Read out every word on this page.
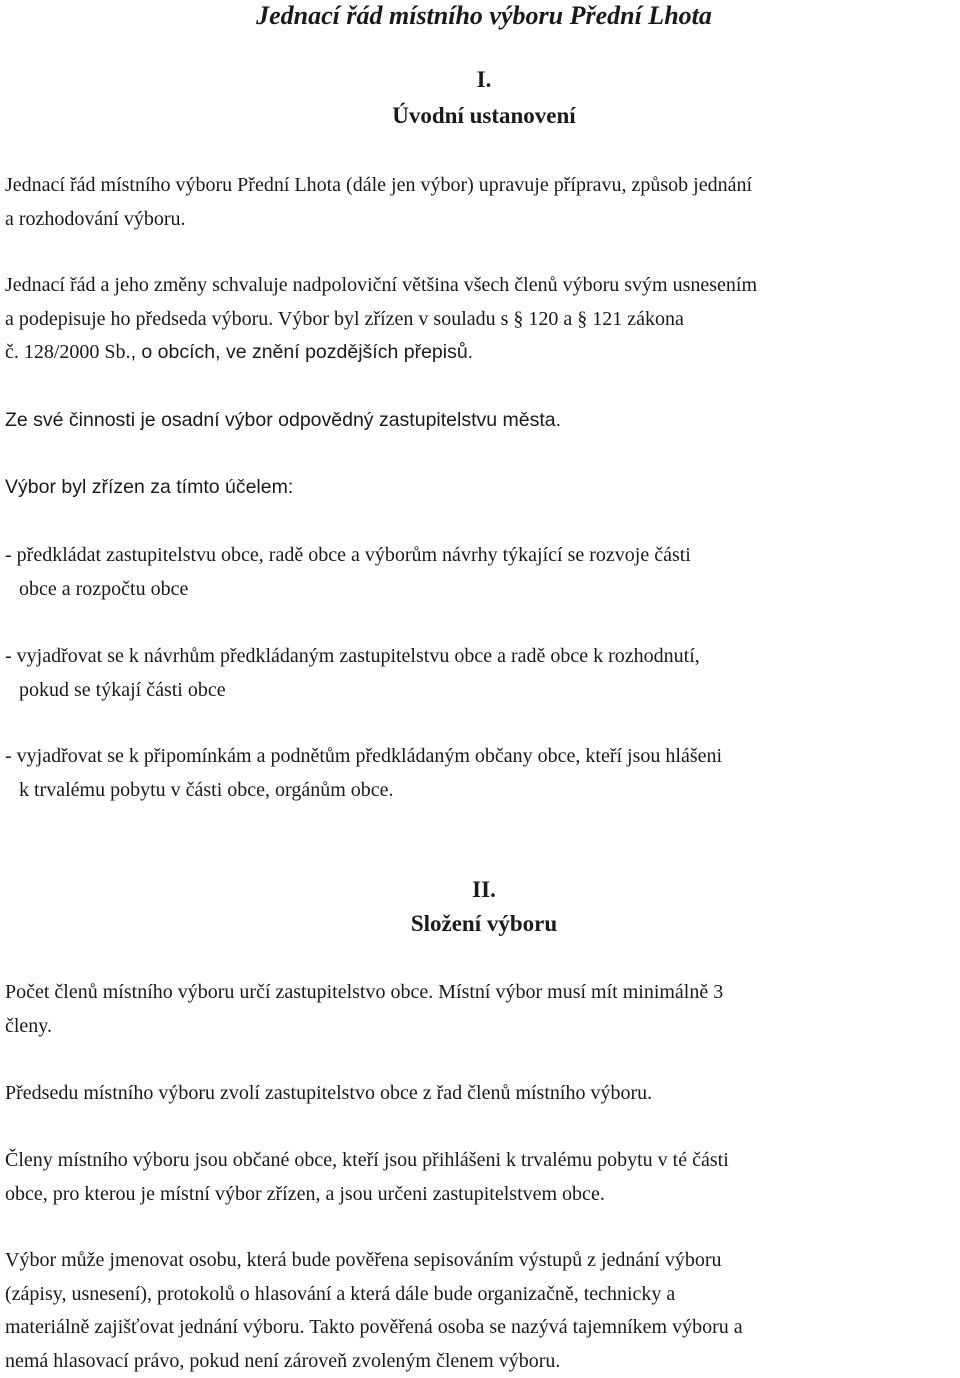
Jednací řád místního výboru Přední Lhota
I.
Úvodní ustanovení

Jednací řád místního výboru Přední Lhota (dále jen výbor) upravuje přípravu, způsob jednání
a rozhodování výboru.

Jednací řád a jeho změny schvaluje nadpoloviční většina všech členů výboru svým usnesením
a podepisuje ho předseda výboru. Výbor byl zřízen v souladu s § 120 a § 121 zákona
č. 128/2000 Sb., o obcích, ve znění pozdějších přepisů.

Ze své činnosti je osadní výbor odpovědný zastupitelstvu města.

Výbor byl zřízen za tímto účelem:

- předkládat zastupitelstvu obce, radě obce a výborům návrhy týkající se rozvoje části
obce a rozpočtu obce

- vyjadřovat se k návrhům předkládaným zastupitelstvu obce a radě obce k rozhodnutí,
pokud se týkají části obce

- vyjadřovat se k připomínkám a podnětům předkládaným občany obce, kteří jsou hlášeni
k trvalému pobytu v části obce, orgánům obce.

II.
Složení výboru

Počet členů místního výboru určí zastupitelstvo obce. Místní výbor musí mít minimálně 3
členy.

Předsedu místního výboru zvolí zastupitelstvo obce z řad členů místního výboru.

Členy místního výboru jsou občané obce, kteří jsou přihlášeni k trvalému pobytu v té části
obce, pro kterou je místní výbor zřízen, a jsou určeni zastupitelstvem obce.

Výbor může jmenovat osobu, která bude pověřena sepisováním výstupů z jednání výboru
(zápisy, usnesení), protokolů o hlasování a která dále bude organizačně, technicky a
materiálně zajišťovat jednání výboru. Takto pověřená osoba se nazývá tajemníkem výboru a
nemá hlasovací právo, pokud není zároveň zvoleným členem výboru.
